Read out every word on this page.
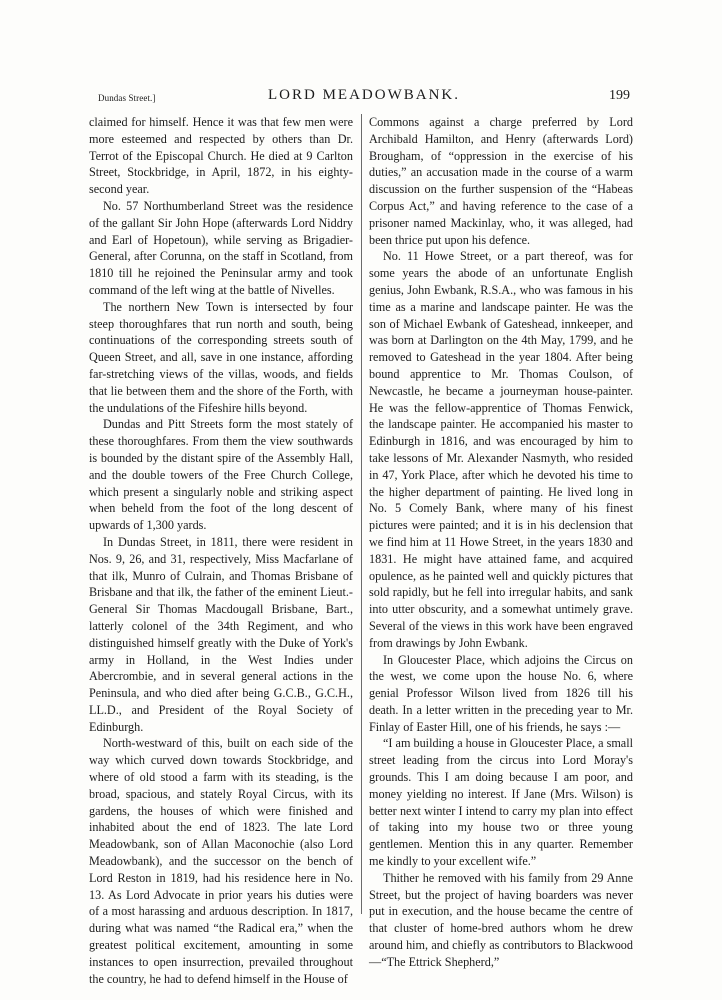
Dundas Street.]	LORD MEADOWBANK.	199

claimed for himself. Hence it was that few men were more esteemed and respected by others than Dr. Terrot of the Episcopal Church. He died at 9 Carlton Street, Stockbridge, in April, 1872, in his eighty-second year.

No. 57 Northumberland Street was the residence of the gallant Sir John Hope (afterwards Lord Niddry and Earl of Hopetoun), while serving as Brigadier-General, after Corunna, on the staff in Scotland, from 1810 till he rejoined the Peninsular army and took command of the left wing at the battle of Nivelles.

The northern New Town is intersected by four steep thoroughfares that run north and south, being continuations of the corresponding streets south of Queen Street, and all, save in one instance, affording far-stretching views of the villas, woods, and fields that lie between them and the shore of the Forth, with the undulations of the Fifeshire hills beyond.

Dundas and Pitt Streets form the most stately of these thoroughfares. From them the view southwards is bounded by the distant spire of the Assembly Hall, and the double towers of the Free Church College, which present a singularly noble and striking aspect when beheld from the foot of the long descent of upwards of 1,300 yards.

In Dundas Street, in 1811, there were resident in Nos. 9, 26, and 31, respectively, Miss Macfarlane of that ilk, Munro of Culrain, and Thomas Brisbane of Brisbane and that ilk, the father of the eminent Lieut.-General Sir Thomas Macdougall Brisbane, Bart., latterly colonel of the 34th Regiment, and who distinguished himself greatly with the Duke of York's army in Holland, in the West Indies under Abercrombie, and in several general actions in the Peninsula, and who died after being G.C.B., G.C.H., LL.D., and President of the Royal Society of Edinburgh.

North-westward of this, built on each side of the way which curved down towards Stockbridge, and where of old stood a farm with its steading, is the broad, spacious, and stately Royal Circus, with its gardens, the houses of which were finished and inhabited about the end of 1823. The late Lord Meadowbank, son of Allan Maconochie (also Lord Meadowbank), and the successor on the bench of Lord Reston in 1819, had his residence here in No. 13. As Lord Advocate in prior years his duties were of a most harassing and arduous description. In 1817, during what was named “the Radical era,” when the greatest political excitement, amounting in some instances to open insurrection, prevailed throughout the country, he had to defend himself in the House of

Commons against a charge preferred by Lord Archibald Hamilton, and Henry (afterwards Lord) Brougham, of “oppression in the exercise of his duties,” an accusation made in the course of a warm discussion on the further suspension of the “Habeas Corpus Act,” and having reference to the case of a prisoner named Mackinlay, who, it was alleged, had been thrice put upon his defence.

No. 11 Howe Street, or a part thereof, was for some years the abode of an unfortunate English genius, John Ewbank, R.S.A., who was famous in his time as a marine and landscape painter. He was the son of Michael Ewbank of Gateshead, innkeeper, and was born at Darlington on the 4th May, 1799, and he removed to Gateshead in the year 1804. After being bound apprentice to Mr. Thomas Coulson, of Newcastle, he became a journeyman house-painter. He was the fellow-apprentice of Thomas Fenwick, the landscape painter. He accompanied his master to Edinburgh in 1816, and was encouraged by him to take lessons of Mr. Alexander Nasmyth, who resided in 47, York Place, after which he devoted his time to the higher department of painting. He lived long in No. 5 Comely Bank, where many of his finest pictures were painted; and it is in his declension that we find him at 11 Howe Street, in the years 1830 and 1831. He might have attained fame, and acquired opulence, as he painted well and quickly pictures that sold rapidly, but he fell into irregular habits, and sank into utter obscurity, and a somewhat untimely grave. Several of the views in this work have been engraved from drawings by John Ewbank.

In Gloucester Place, which adjoins the Circus on the west, we come upon the house No. 6, where genial Professor Wilson lived from 1826 till his death. In a letter written in the preceding year to Mr. Finlay of Easter Hill, one of his friends, he says :—

“I am building a house in Gloucester Place, a small street leading from the circus into Lord Moray's grounds. This I am doing because I am poor, and money yielding no interest. If Jane (Mrs. Wilson) is better next winter I intend to carry my plan into effect of taking into my house two or three young gentlemen. Mention this in any quarter. Remember me kindly to your excellent wife.”

Thither he removed with his family from 29 Anne Street, but the project of having boarders was never put in execution, and the house became the centre of that cluster of home-bred authors whom he drew around him, and chiefly as contributors to Blackwood—“The Ettrick Shepherd,”
